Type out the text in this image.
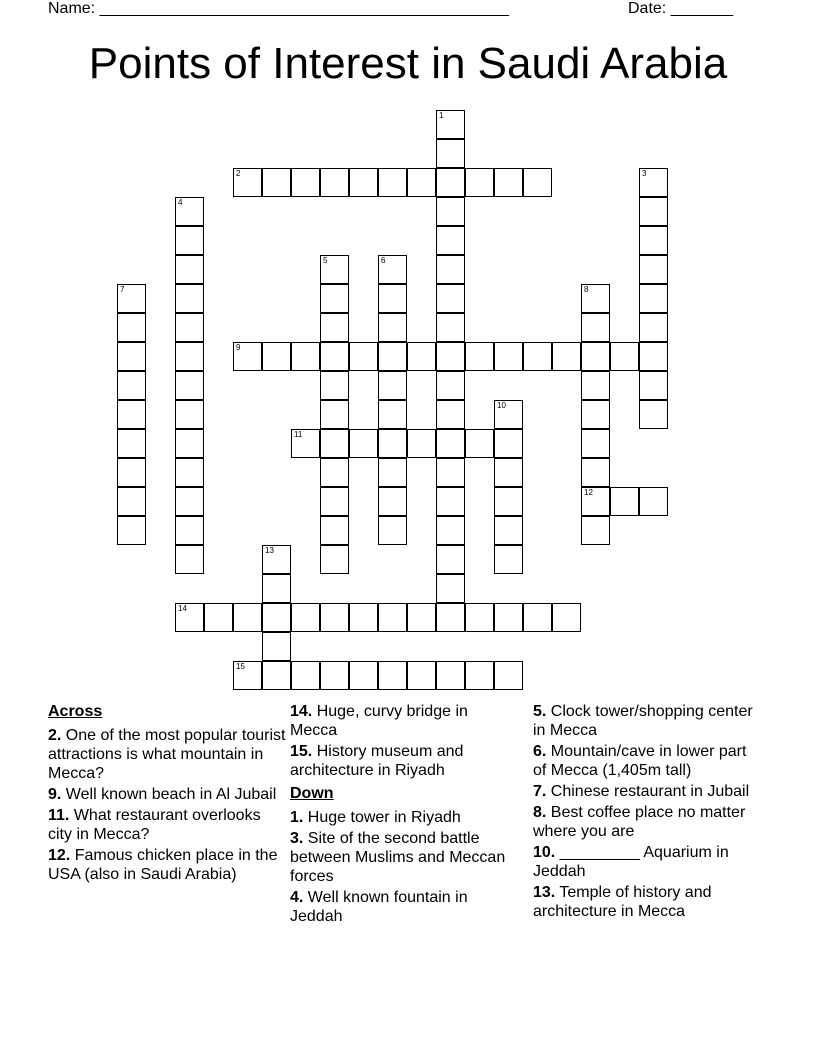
Name: ______________________________________________	Date: _______
Points of Interest in Saudi Arabia
2
9
11
12
14
15
1
3
4
5	6
7	8
10
13
Across
2. One of the most popular tourist attractions is what mountain in Mecca?
9. Well known beach in Al Jubail
11. What restaurant overlooks city in Mecca?
12. Famous chicken place in the USA (also in Saudi Arabia)
14. Huge, curvy bridge in Mecca
15. History museum and architecture in Riyadh
Down
1. Huge tower in Riyadh
3. Site of the second battle between Muslims and Meccan forces
4. Well known fountain in Jeddah
5. Clock tower/shopping center in Mecca
6. Mountain/cave in lower part of Mecca (1,405m tall)
7. Chinese restaurant in Jubail
8. Best coffee place no matter where you are
10. _________ Aquarium in Jeddah
13. Temple of history and architecture in Mecca
